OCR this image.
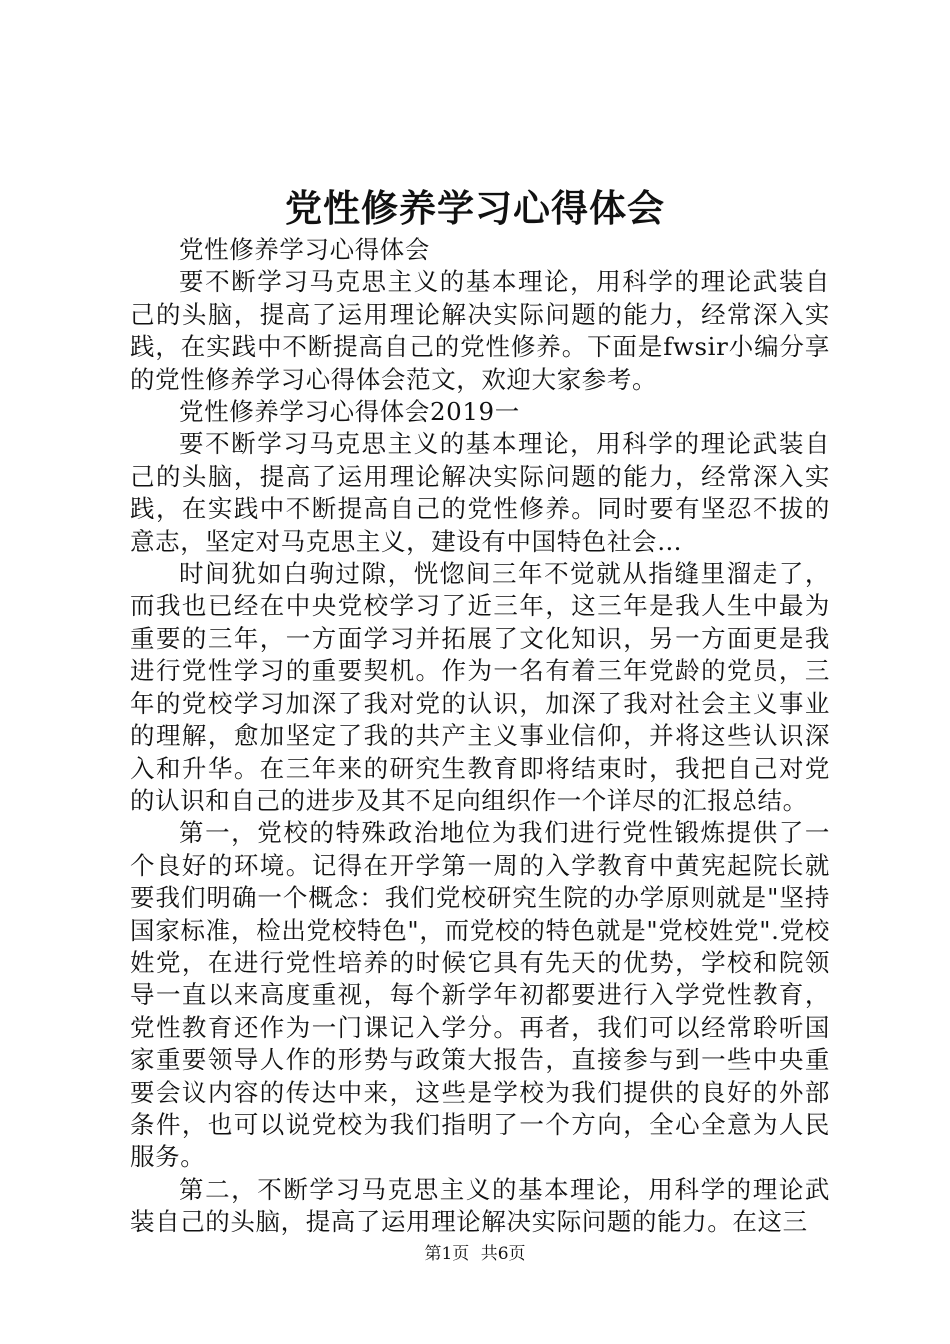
党性修养学习心得体会

党性修养学习心得体会

要不断学习马克思主义的基本理论，用科学的理论武装自己的头脑，提高了运用理论解决实际问题的能力，经常深入实践，在实践中不断提高自己的党性修养。下面是fwsir小编分享的党性修养学习心得体会范文，欢迎大家参考。

党性修养学习心得体会2019一

要不断学习马克思主义的基本理论，用科学的理论武装自己的头脑，提高了运用理论解决实际问题的能力，经常深入实践，在实践中不断提高自己的党性修养。同时要有坚忍不拔的意志，坚定对马克思主义，建设有中国特色社会…

时间犹如白驹过隙，恍惚间三年不觉就从指缝里溜走了，而我也已经在中央党校学习了近三年，这三年是我人生中最为重要的三年，一方面学习并拓展了文化知识，另一方面更是我进行党性学习的重要契机。作为一名有着三年党龄的党员，三年的党校学习加深了我对党的认识，加深了我对社会主义事业的理解，愈加坚定了我的共产主义事业信仰，并将这些认识深入和升华。在三年来的研究生教育即将结束时，我把自己对党的认识和自己的进步及其不足向组织作一个详尽的汇报总结。

第一，党校的特殊政治地位为我们进行党性锻炼提供了一个良好的环境。记得在开学第一周的入学教育中黄宪起院长就要我们明确一个概念：我们党校研究生院的办学原则就是"坚持国家标准，检出党校特色"，而党校的特色就是"党校姓党".党校姓党，在进行党性培养的时候它具有先天的优势，学校和院领导一直以来高度重视，每个新学年初都要进行入学党性教育，党性教育还作为一门课记入学分。再者，我们可以经常聆听国家重要领导人作的形势与政策大报告，直接参与到一些中央重要会议内容的传达中来，这些是学校为我们提供的良好的外部条件，也可以说党校为我们指明了一个方向，全心全意为人民服务。

第二，不断学习马克思主义的基本理论，用科学的理论武装自己的头脑，提高了运用理论解决实际问题的能力。在这三

第1页 共6页
